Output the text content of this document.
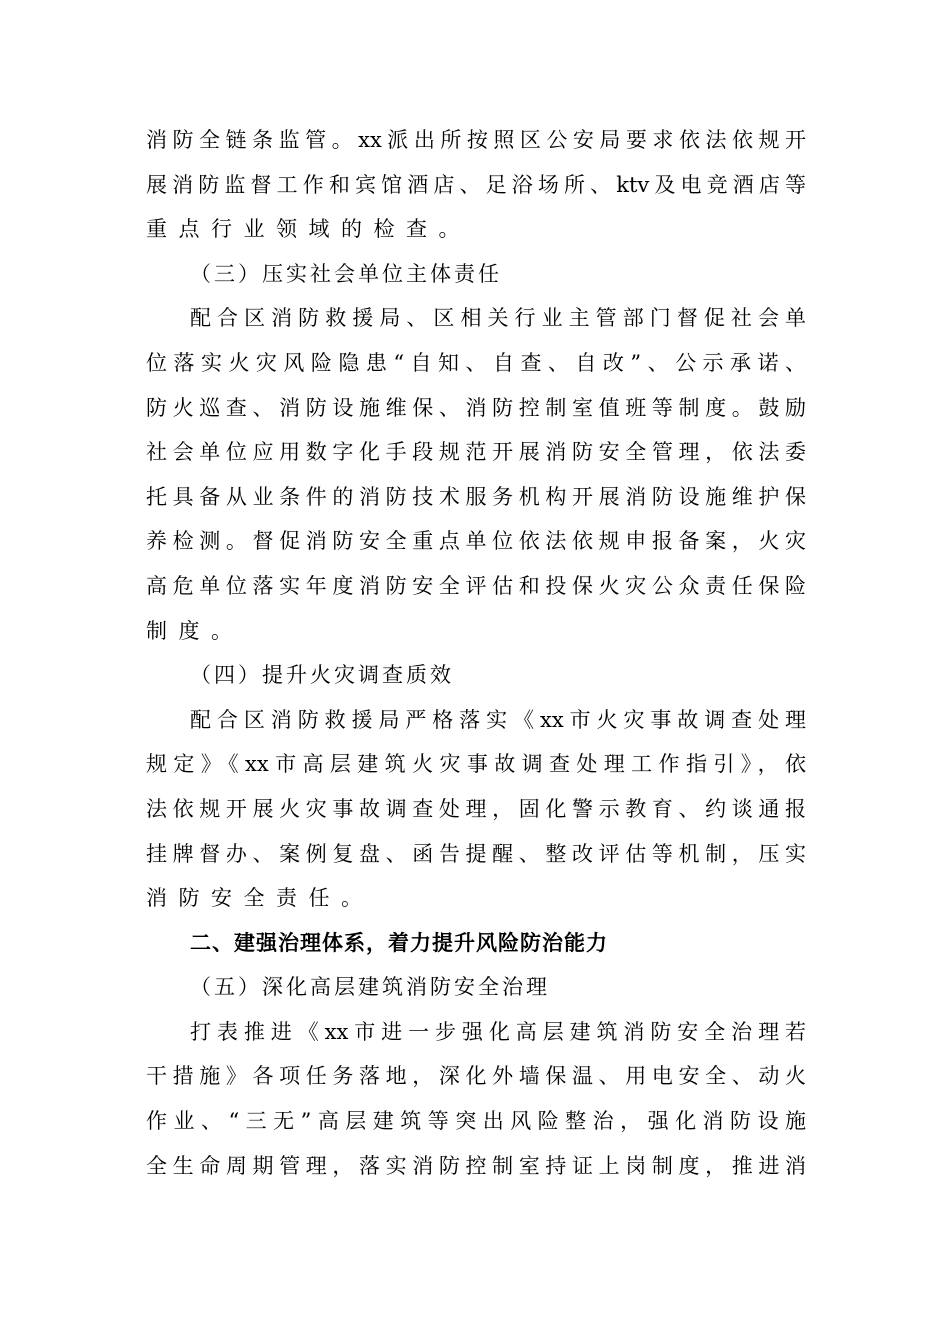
消防全链条监管。xx派出所按照区公安局要求依法依规开
展消防监督工作和宾馆酒店、足浴场所、ktv及电竞酒店等
重点行业领域的检查。
（三）压实社会单位主体责任
配合区消防救援局、区相关行业主管部门督促社会单
位落实火灾风险隐患“自知、自查、自改”、公示承诺、
防火巡查、消防设施维保、消防控制室值班等制度。鼓励
社会单位应用数字化手段规范开展消防安全管理，依法委
托具备从业条件的消防技术服务机构开展消防设施维护保
养检测。督促消防安全重点单位依法依规申报备案，火灾
高危单位落实年度消防安全评估和投保火灾公众责任保险
制度。
（四）提升火灾调查质效
配合区消防救援局严格落实《xx市火灾事故调查处理
规定》《xx市高层建筑火灾事故调查处理工作指引》，依
法依规开展火灾事故调查处理，固化警示教育、约谈通报
挂牌督办、案例复盘、函告提醒、整改评估等机制，压实
消防安全责任。
二、建强治理体系，着力提升风险防治能力
（五）深化高层建筑消防安全治理
打表推进《xx市进一步强化高层建筑消防安全治理若
干措施》各项任务落地，深化外墙保温、用电安全、动火
作业、“三无”高层建筑等突出风险整治，强化消防设施
全生命周期管理，落实消防控制室持证上岗制度，推进消
